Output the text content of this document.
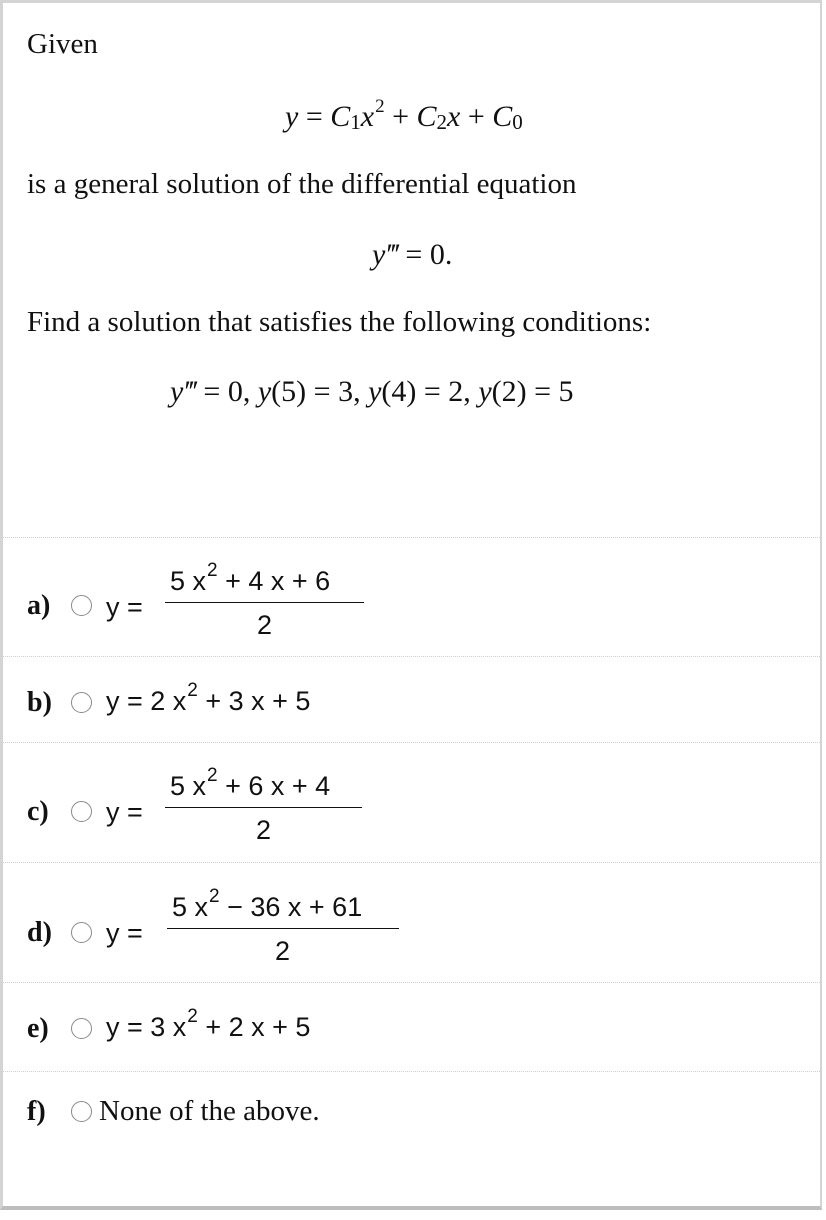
Given
$y = C1x^2 + C2x + C0$
is a general solution of the differential equation
y‴ = 0.
Find a solution that satisfies the following conditions:
y‴ = 0, y(5) = 3, y(4) = 2, y(2) = 5
a) y =
5 $x^2 + 4$ x + 6
2
b) y = 2 $x^2 + 3$ x + 5
c) y =
5 $x^2 + 6$ x + 4
2
d) y =
5 $x^2 - 36$ x + 61
2
e) y = 3 $x^2 + 2$ x + 5
f) None of the above.
